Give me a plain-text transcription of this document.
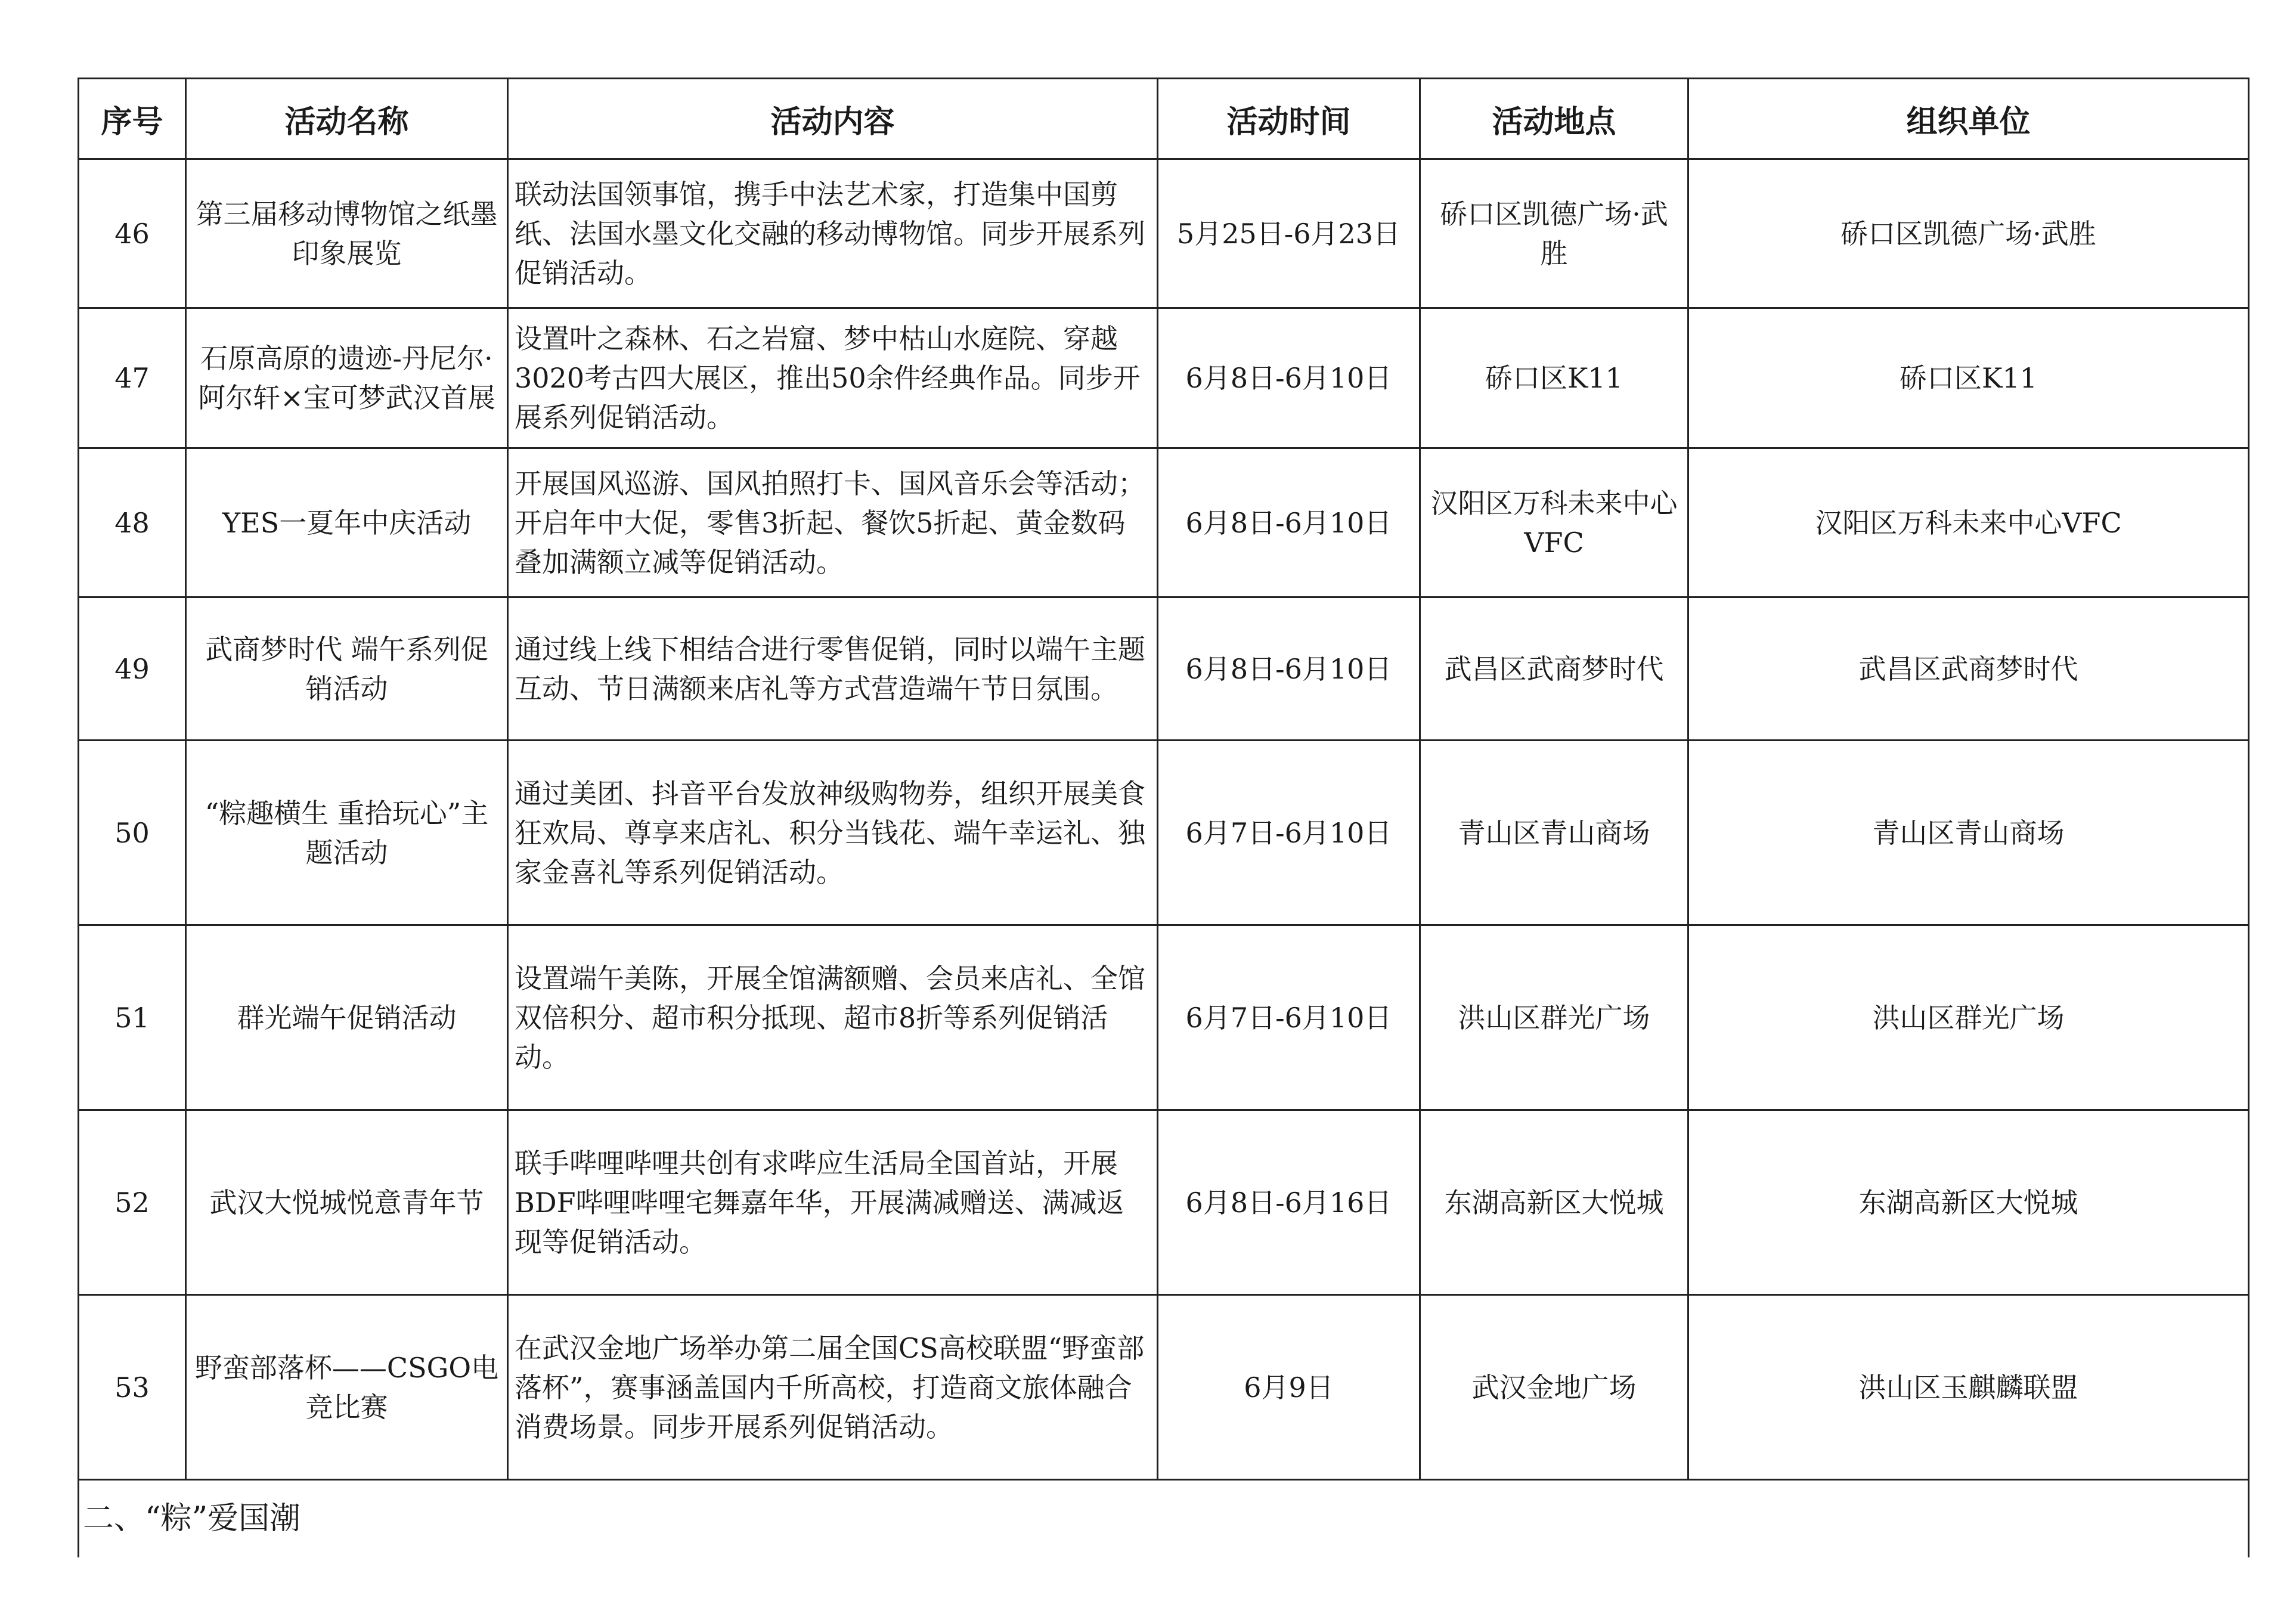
序号	活动名称	活动内容	活动时间	活动地点	组织单位
46	第三届移动博物馆之纸墨印象展览	联动法国领事馆，携手中法艺术家，打造集中国剪纸、法国水墨文化交融的移动博物馆。同步开展系列促销活动。	5月25日-6月23日	硚口区凯德广场·武胜	硚口区凯德广场·武胜
47	石原高原的遗迹-丹尼尔·阿尔轩×宝可梦武汉首展	设置叶之森林、石之岩窟、梦中枯山水庭院、穿越3020考古四大展区，推出50余件经典作品。同步开展系列促销活动。	6月8日-6月10日	硚口区K11	硚口区K11
48	YES一夏年中庆活动	开展国风巡游、国风拍照打卡、国风音乐会等活动；开启年中大促，零售3折起、餐饮5折起、黄金数码叠加满额立减等促销活动。	6月8日-6月10日	汉阳区万科未来中心VFC	汉阳区万科未来中心VFC
49	武商梦时代 端午系列促销活动	通过线上线下相结合进行零售促销，同时以端午主题互动、节日满额来店礼等方式营造端午节日氛围。	6月8日-6月10日	武昌区武商梦时代	武昌区武商梦时代
50	“粽趣横生 重拾玩心”主题活动	通过美团、抖音平台发放神级购物券，组织开展美食狂欢局、尊享来店礼、积分当钱花、端午幸运礼、独家金喜礼等系列促销活动。	6月7日-6月10日	青山区青山商场	青山区青山商场
51	群光端午促销活动	设置端午美陈，开展全馆满额赠、会员来店礼、全馆双倍积分、超市积分抵现、超市8折等系列促销活动。	6月7日-6月10日	洪山区群光广场	洪山区群光广场
52	武汉大悦城悦意青年节	联手哔哩哔哩共创有求哔应生活局全国首站，开展BDF哔哩哔哩宅舞嘉年华，开展满减赠送、满减返现等促销活动。	6月8日-6月16日	东湖高新区大悦城	东湖高新区大悦城
53	野蛮部落杯——CSGO电竞比赛	在武汉金地广场举办第二届全国CS高校联盟“野蛮部落杯”，赛事涵盖国内千所高校，打造商文旅体融合消费场景。同步开展系列促销活动。	6月9日	武汉金地广场	洪山区玉麒麟联盟
二、“粽”爱国潮					
